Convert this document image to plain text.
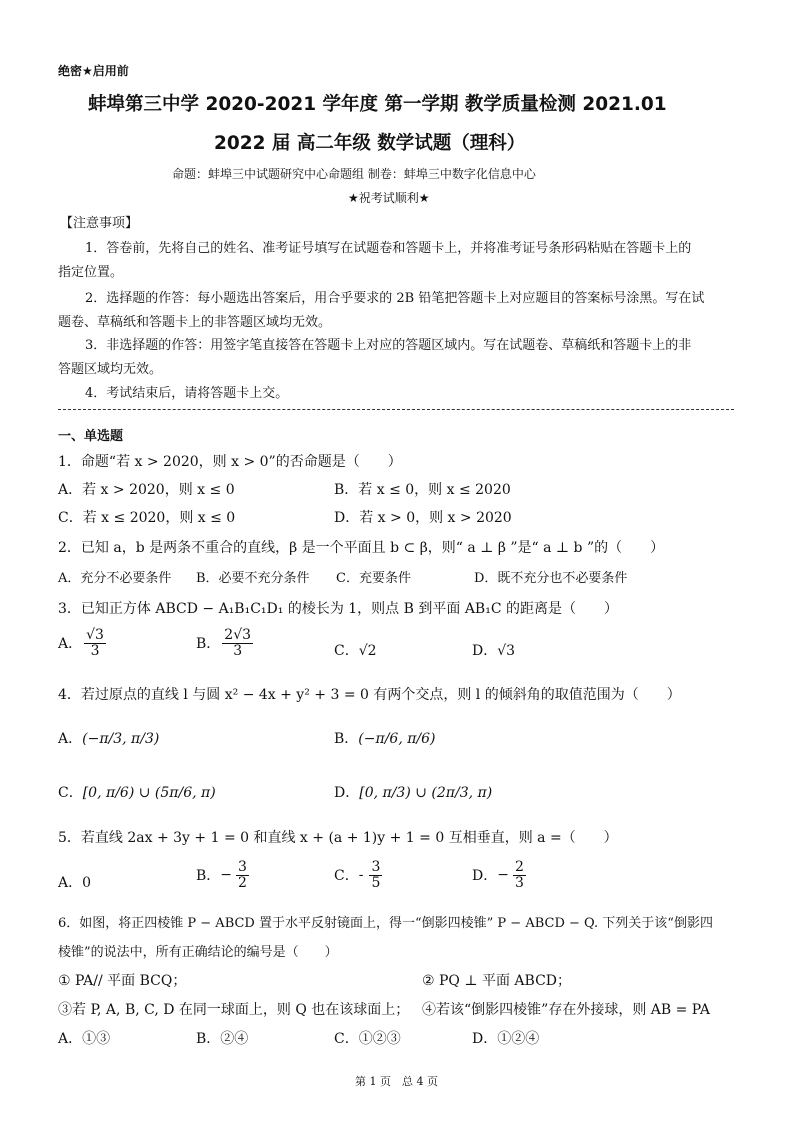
绝密★启用前
蚌埠第三中学 2020-2021 学年度 第一学期 教学质量检测 2021.01
2022 届 高二年级 数学试题（理科）
命题：蚌埠三中试题研究中心命题组 制卷：蚌埠三中数字化信息中心
★祝考试顺利★
【注意事项】
1．答卷前，先将自己的姓名、准考证号填写在试题卷和答题卡上，并将准考证号条形码粘贴在答题卡上的
指定位置。
2．选择题的作答：每小题选出答案后，用合乎要求的 2B 铅笔把答题卡上对应题目的答案标号涂黑。写在试
题卷、草稿纸和答题卡上的非答题区域均无效。
3．非选择题的作答：用签字笔直接答在答题卡上对应的答题区域内。写在试题卷、草稿纸和答题卡上的非
答题区域均无效。
4．考试结束后，请将答题卡上交。
一、单选题
1．命题“若 x > 2020，则 x > 0”的否命题是（　　）
A．若 x > 2020，则 x ≤ 0	B．若 x ≤ 0，则 x ≤ 2020
C．若 x ≤ 2020，则 x ≤ 0	D．若 x > 0，则 x > 2020
2．已知 a，b 是两条不重合的直线，β 是一个平面且 b ⊂ β，则“ a ⊥ β ”是“ a ⊥ b ”的（　　）
A．充分不必要条件 B．必要不充分条件 C．充要条件	D．既不充分也不必要条件
3．已知正方体 ABCD − A₁B₁C₁D₁ 的棱长为 1，则点 B 到平面 AB₁C 的距离是（　　）
A． $\frac{√3}{3}$	B． $\frac{2√3}{3}$	C．√2	D．√3
4．若过原点的直线 l 与圆 x² − 4x + y² + 3 = 0 有两个交点，则 l 的倾斜角的取值范围为（　　）
A．(−π/3, π/3)	B．(−π/6, π/6)
C．[0, π/6) ∪ (5π/6, π)	D．[0, π/3) ∪ (2π/3, π)
5．若直线 2ax + 3y + 1 = 0 和直线 x + (a + 1)y + 1 = 0 互相垂直，则 a =（　　）
A．0	B． − $\frac{3}{2}$	C． - $\frac{3}{5}$	D． − $\frac{2}{3}$
6．如图，将正四棱锥 P − ABCD 置于水平反射镜面上，得一“倒影四棱锥” P − ABCD − Q. 下列关于该“倒影四
棱锥”的说法中，所有正确结论的编号是（　　）
① PA// 平面 BCQ；	② PQ ⊥ 平面 ABCD；
③若 P, A, B, C, D 在同一球面上，则 Q 也在该球面上； ④若该“倒影四棱锥”存在外接球，则 AB = PA
A．①③	B．②④	C．①②③	D．①②④
第 1 页　总 4 页
